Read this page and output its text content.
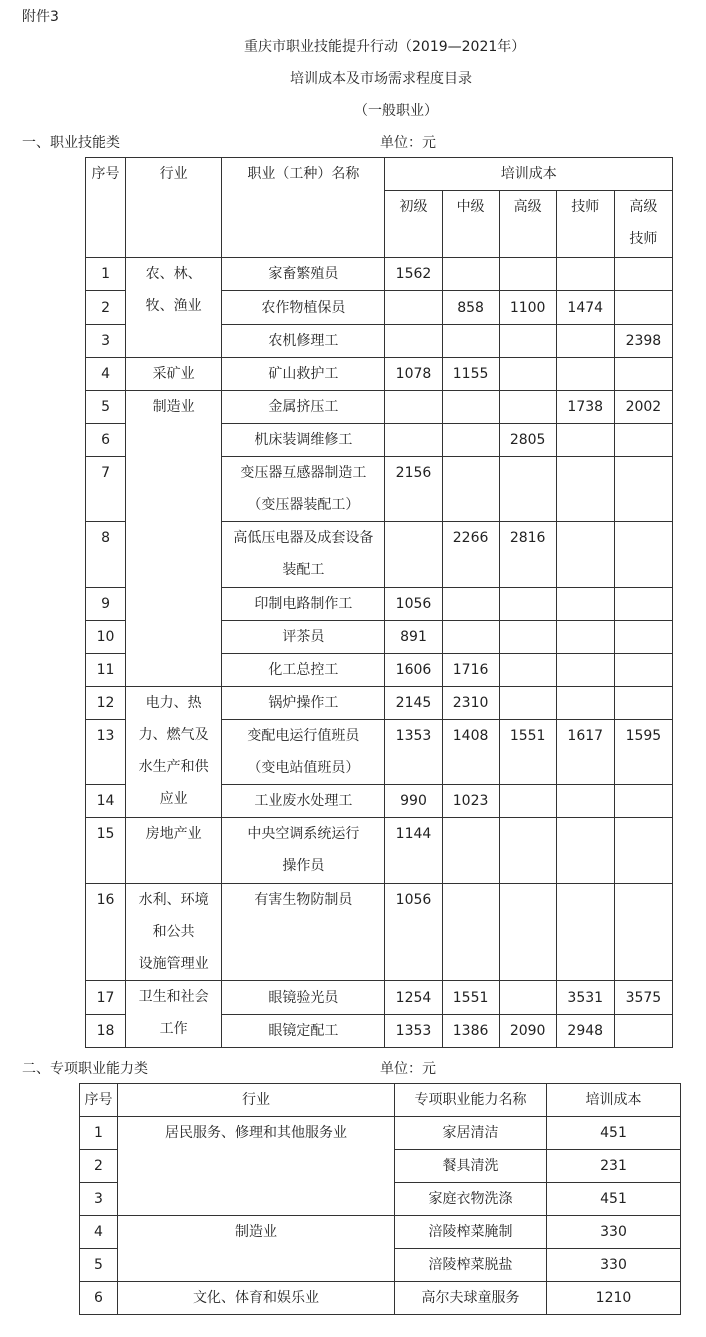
附件3
重庆市职业技能提升行动（2019—2021年）
培训成本及市场需求程度目录
（一般职业）
一、职业技能类	单位：元
序号	行业	职业（工种）名称	培训成本				
			初级	中级	高级	技师	高级
技师
1	农、林、
牧、渔业	家畜繁殖员	1562				
2		农作物植保员		858	1100	1474	
3		农机修理工					2398
4	采矿业	矿山救护工	1078	1155			
5	制造业	金属挤压工				1738	2002
6		机床装调维修工			2805		
7		变压器互感器制造工
（变压器装配工）	2156				
8		高低压电器及成套设备
装配工		2266	2816		
9		印制电路制作工	1056				
10		评茶员	891				
11		化工总控工	1606	1716			
12	电力、热
力、燃气及
水生产和供
应业	锅炉操作工	2145	2310			
13		变配电运行值班员
（变电站值班员）	1353	1408	1551	1617	1595
14		工业废水处理工	990	1023			
15	房地产业	中央空调系统运行
操作员	1144				
16	水利、环境
和公共
设施管理业	有害生物防制员	1056				
17	卫生和社会
工作	眼镜验光员	1254	1551		3531	3575
18		眼镜定配工	1353	1386	2090	2948	
二、专项职业能力类	单位：元
序号	行业	专项职业能力名称	培训成本
1	居民服务、修理和其他服务业	家居清洁	451
2		餐具清洗	231
3		家庭衣物洗涤	451
4	制造业	涪陵榨菜腌制	330
5		涪陵榨菜脱盐	330
6	文化、体育和娱乐业	高尔夫球童服务	1210
